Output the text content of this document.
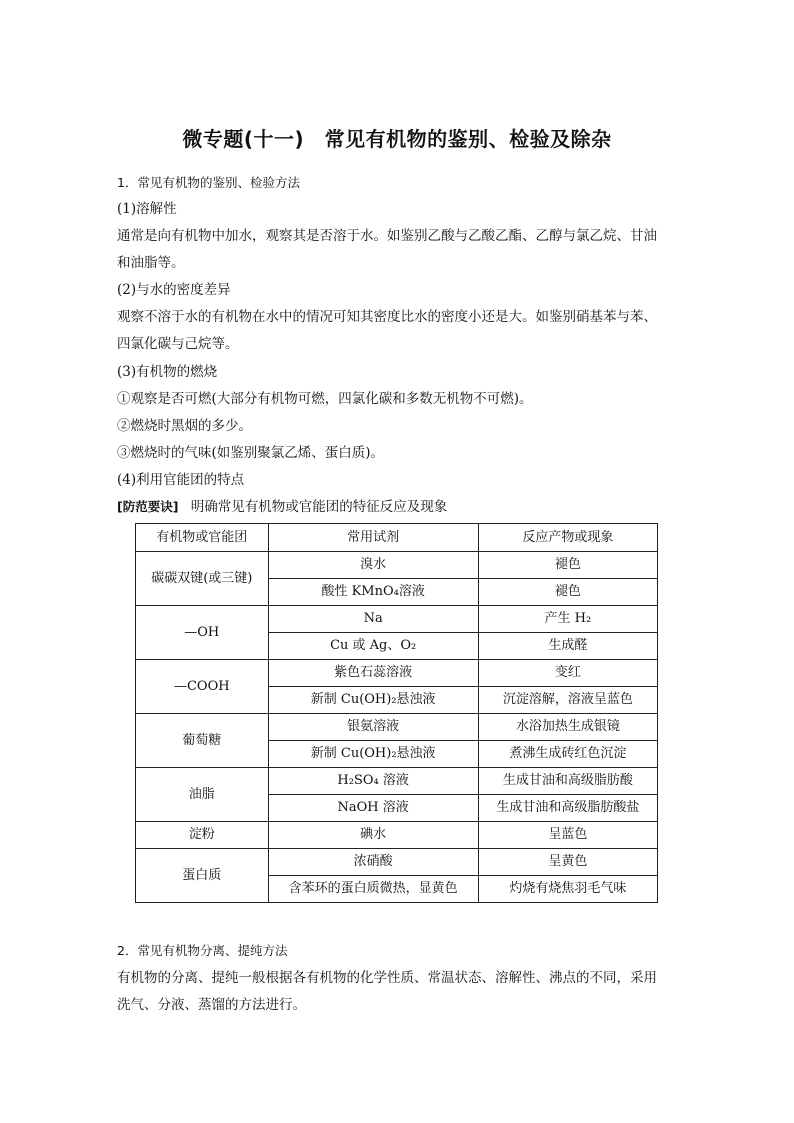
微专题(十一)　常见有机物的鉴别、检验及除杂
1．常见有机物的鉴别、检验方法
(1)溶解性
通常是向有机物中加水，观察其是否溶于水。如鉴别乙酸与乙酸乙酯、乙醇与氯乙烷、甘油
和油脂等。
(2)与水的密度差异
观察不溶于水的有机物在水中的情况可知其密度比水的密度小还是大。如鉴别硝基苯与苯、
四氯化碳与己烷等。
(3)有机物的燃烧
①观察是否可燃(大部分有机物可燃，四氯化碳和多数无机物不可燃)。
②燃烧时黑烟的多少。
③燃烧时的气味(如鉴别聚氯乙烯、蛋白质)。
(4)利用官能团的特点
[防范要诀] 明确常见有机物或官能团的特征反应及现象
有机物或官能团	常用试剂	反应产物或现象
碳碳双键(或三键)	溴水	褪色
	酸性 KMnO₄溶液	褪色
—OH	Na	产生 H₂
	Cu 或 Ag、O₂	生成醛
—COOH	紫色石蕊溶液	变红
	新制 Cu(OH)₂悬浊液	沉淀溶解，溶液呈蓝色
葡萄糖	银氨溶液	水浴加热生成银镜
	新制 Cu(OH)₂悬浊液	煮沸生成砖红色沉淀
油脂	H₂SO₄ 溶液	生成甘油和高级脂肪酸
	NaOH 溶液	生成甘油和高级脂肪酸盐
淀粉	碘水	呈蓝色
蛋白质	浓硝酸	呈黄色
	含苯环的蛋白质微热，显黄色	灼烧有烧焦羽毛气味
2．常见有机物分离、提纯方法
有机物的分离、提纯一般根据各有机物的化学性质、常温状态、溶解性、沸点的不同，采用
洗气、分液、蒸馏的方法进行。
